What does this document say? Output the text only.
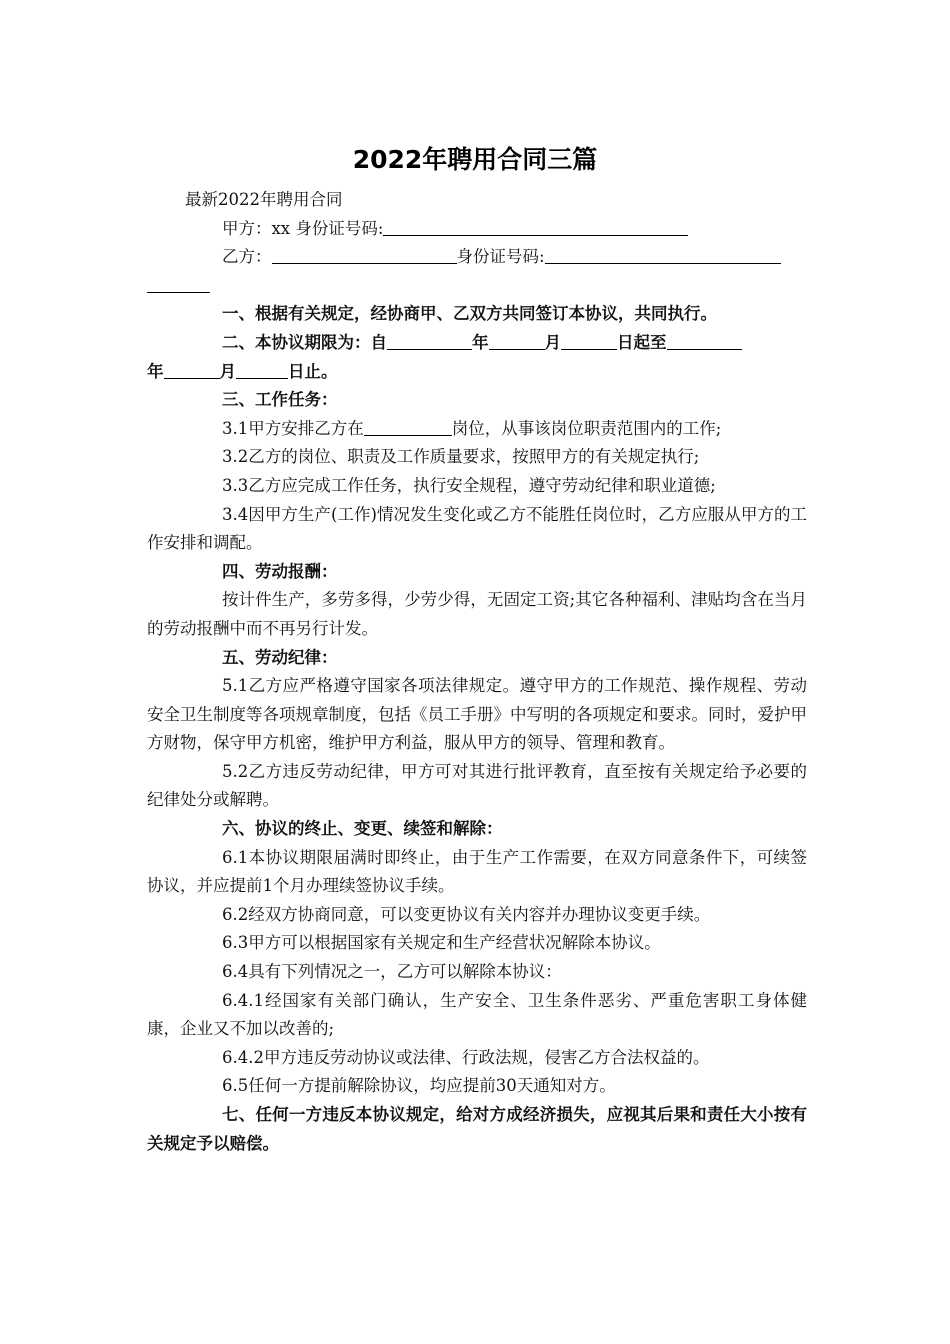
2022年聘用合同三篇

最新2022年聘用合同

甲方：xx 身份证号码:

乙方：	身份证号码:

一、根据有关规定，经协商甲、乙双方共同签订本协议，共同执行。

二、本协议期限为：自	年	月	日起至
年	月	日止。

三、工作任务：

3.1甲方安排乙方在	岗位，从事该岗位职责范围内的工作;

3.2乙方的岗位、职责及工作质量要求，按照甲方的有关规定执行;

3.3乙方应完成工作任务，执行安全规程，遵守劳动纪律和职业道德;

3.4因甲方生产(工作)情况发生变化或乙方不能胜任岗位时，乙方应服从甲方的工作安排和调配。

四、劳动报酬：

按计件生产，多劳多得，少劳少得，无固定工资;其它各种福利、津贴均含在当月的劳动报酬中而不再另行计发。

五、劳动纪律：

5.1乙方应严格遵守国家各项法律规定。遵守甲方的工作规范、操作规程、劳动安全卫生制度等各项规章制度，包括《员工手册》中写明的各项规定和要求。同时，爱护甲方财物，保守甲方机密，维护甲方利益，服从甲方的领导、管理和教育。

5.2乙方违反劳动纪律，甲方可对其进行批评教育，直至按有关规定给予必要的纪律处分或解聘。

六、协议的终止、变更、续签和解除：

6.1本协议期限届满时即终止，由于生产工作需要，在双方同意条件下，可续签协议，并应提前1个月办理续签协议手续。

6.2经双方协商同意，可以变更协议有关内容并办理协议变更手续。

6.3甲方可以根据国家有关规定和生产经营状况解除本协议。

6.4具有下列情况之一，乙方可以解除本协议：

6.4.1经国家有关部门确认，生产安全、卫生条件恶劣、严重危害职工身体健康，企业又不加以改善的;

6.4.2甲方违反劳动协议或法律、行政法规，侵害乙方合法权益的。

6.5任何一方提前解除协议，均应提前30天通知对方。

七、任何一方违反本协议规定，给对方成经济损失，应视其后果和责任大小按有关规定予以赔偿。
